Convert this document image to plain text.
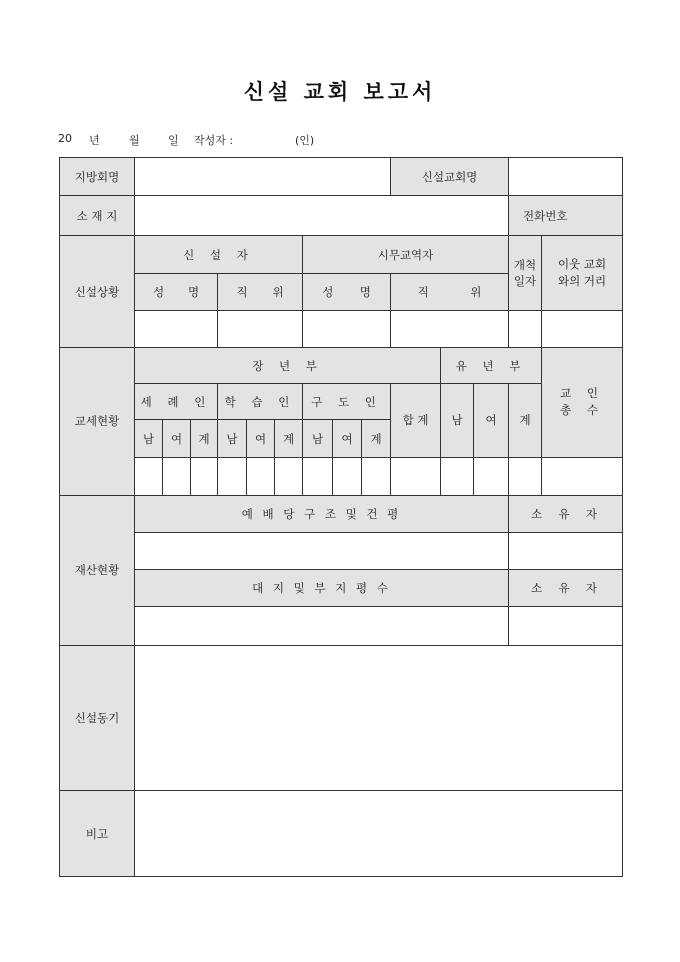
신설 교회 보고서
20 년	월	일 작성자 :	(인)
지방회명										신설교회명					
소 재 지													전화번호		
신설상황	신 설 자						시무교역자						개척일자	이웃 교회
와의 거리	

	성 명			직 위			성 명			직 위					

교세현황	장 년 부										유 년 부			교 인
총 수	
	세 례 인			학 습 인			구 도 인			합 계	남	여	계		
	남	여	계	남	여	계	남	여	계						

재산현황	예 배 당 구 조 및 건 평												소  유  자		

	대 지 및 부 지 평 수												소  유  자		

신설동기															
비고															
